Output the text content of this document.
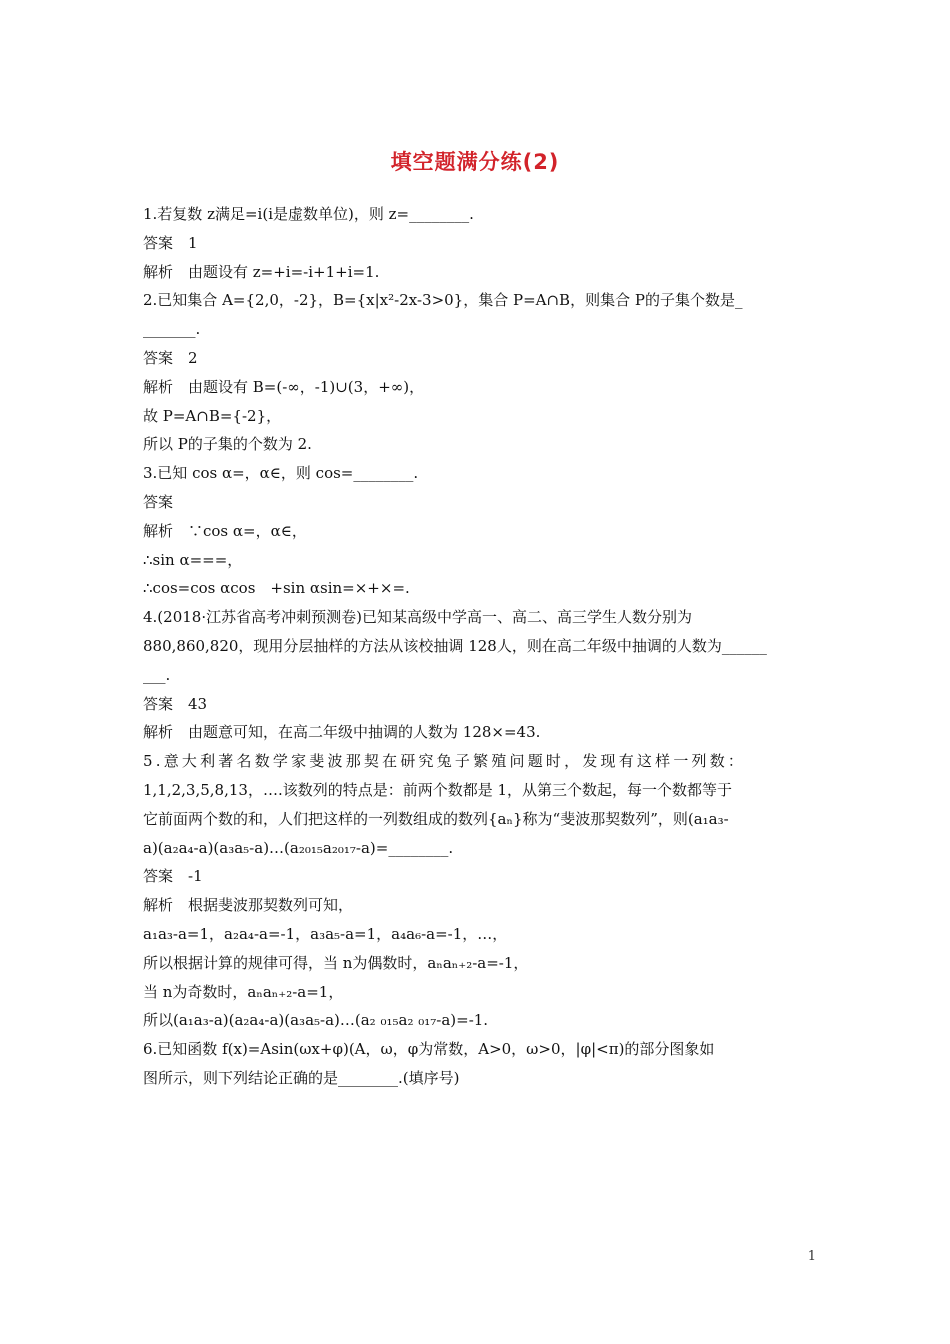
填空题满分练(2)
1.若复数 z满足=i(i是虚数单位)，则 z=________.
答案　1
解析　由题设有 z=+i=-i+1+i=1.
2.已知集合 A={2,0，-2}，B={x|x²-2x-3>0}，集合 P=A∩B，则集合 P的子集个数是_
_______.
答案　2
解析　由题设有 B=(-∞，-1)∪(3，+∞)，
故 P=A∩B={-2}，
所以 P的子集的个数为 2.
3.已知 cos α=，α∈，则 cos=________.
答案
解析　∵cos α=，α∈，
∴sin α===，
∴cos=cos αcos　+sin αsin=×+×=.
4.(2018·江苏省高考冲刺预测卷)已知某高级中学高一、高二、高三学生人数分别为
880,860,820，现用分层抽样的方法从该校抽调 128人，则在高二年级中抽调的人数为______
___.
答案　43
解析　由题意可知，在高二年级中抽调的人数为 128×=43.
5.意大利著名数学家斐波那契在研究兔子繁殖问题时，发现有这样一列数：
1,1,2,3,5,8,13，….该数列的特点是：前两个数都是 1，从第三个数起，每一个数都等于
它前面两个数的和，人们把这样的一列数组成的数列{aₙ}称为“斐波那契数列”，则(a₁a₃-
a)(a₂a₄-a)(a₃a₅-a)…(a₂₀₁₅a₂₀₁₇-a)=________.
答案　-1
解析　根据斐波那契数列可知，
a₁a₃-a=1，a₂a₄-a=-1，a₃a₅-a=1，a₄a₆-a=-1，…，
所以根据计算的规律可得，当 n为偶数时，aₙaₙ₊₂-a=-1，
当 n为奇数时，aₙaₙ₊₂-a=1，
所以(a₁a₃-a)(a₂a₄-a)(a₃a₅-a)…(a₂ ₀₁₅a₂ ₀₁₇-a)=-1.
6.已知函数 f(x)=Asin(ωx+φ)(A，ω，φ为常数，A>0，ω>0，|φ|<π)的部分图象如
图所示，则下列结论正确的是________.(填序号)
1
